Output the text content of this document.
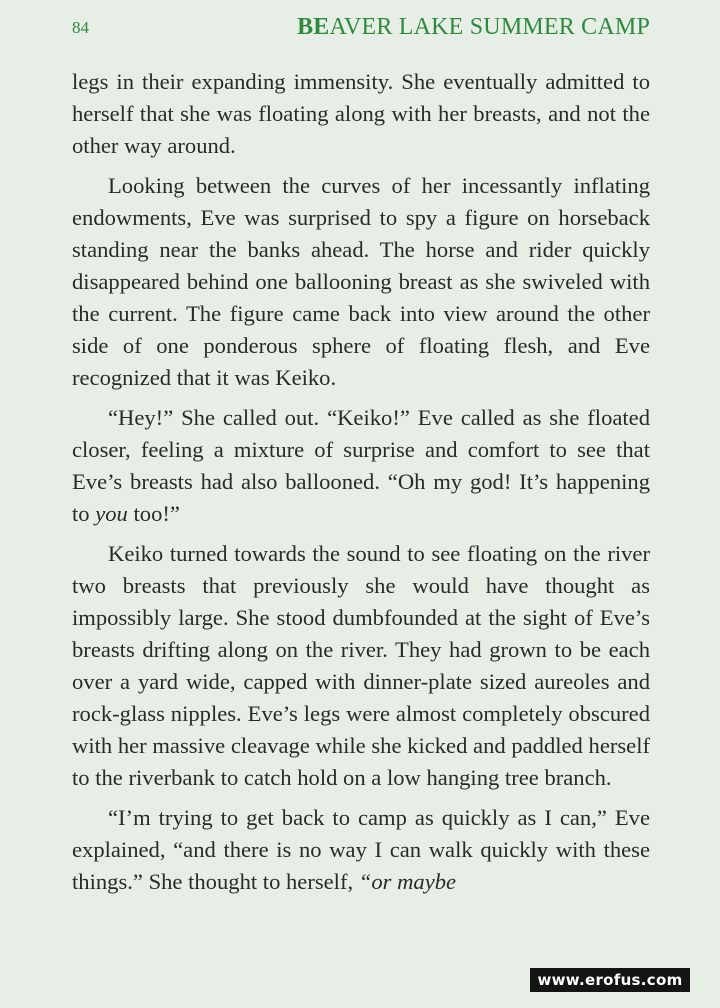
84	BEAVER LAKE SUMMER CAMP

legs in their expanding immensity. She eventually admitted to herself that she was floating along with her breasts, and not the other way around.

Looking between the curves of her incessantly inflating endowments, Eve was surprised to spy a figure on horseback standing near the banks ahead. The horse and rider quickly disappeared behind one ballooning breast as she swiveled with the current. The figure came back into view around the other side of one ponderous sphere of floating flesh, and Eve recognized that it was Keiko.

“Hey!” She called out. “Keiko!” Eve called as she floated closer, feeling a mixture of surprise and comfort to see that Eve’s breasts had also ballooned. “Oh my god! It’s happening to you too!”

Keiko turned towards the sound to see floating on the river two breasts that previously she would have thought as impossibly large. She stood dumbfounded at the sight of Eve’s breasts drifting along on the river. They had grown to be each over a yard wide, capped with dinner-plate sized aureoles and rock-glass nipples. Eve’s legs were almost completely obscured with her massive cleavage while she kicked and paddled herself to the riverbank to catch hold on a low hanging tree branch.

“I’m trying to get back to camp as quickly as I can,” Eve explained, “and there is no way I can walk quickly with these things.” She thought to herself, “or maybe

www.erofus.com
